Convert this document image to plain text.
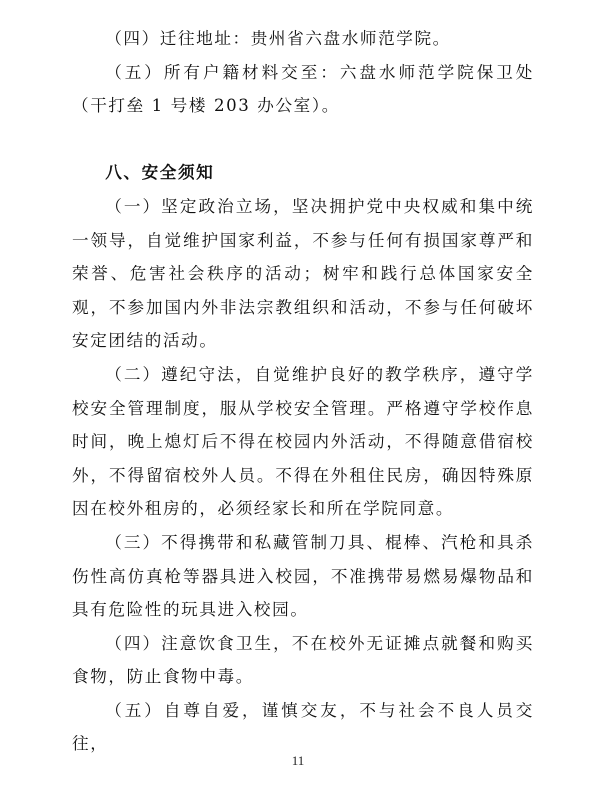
（四）迁往地址：贵州省六盘水师范学院。

（五）所有户籍材料交至：六盘水师范学院保卫处（干打垒 1 号楼 203 办公室）。

八、安全须知

（一）坚定政治立场，坚决拥护党中央权威和集中统一领导，自觉维护国家利益，不参与任何有损国家尊严和荣誉、危害社会秩序的活动；树牢和践行总体国家安全观，不参加国内外非法宗教组织和活动，不参与任何破坏安定团结的活动。

（二）遵纪守法，自觉维护良好的教学秩序，遵守学校安全管理制度，服从学校安全管理。严格遵守学校作息时间，晚上熄灯后不得在校园内外活动，不得随意借宿校外，不得留宿校外人员。不得在外租住民房，确因特殊原因在校外租房的，必须经家长和所在学院同意。

（三）不得携带和私藏管制刀具、棍棒、汽枪和具杀伤性高仿真枪等器具进入校园，不准携带易燃易爆物品和具有危险性的玩具进入校园。

（四）注意饮食卫生，不在校外无证摊点就餐和购买食物，防止食物中毒。

（五）自尊自爱，谨慎交友，不与社会不良人员交往，

11
